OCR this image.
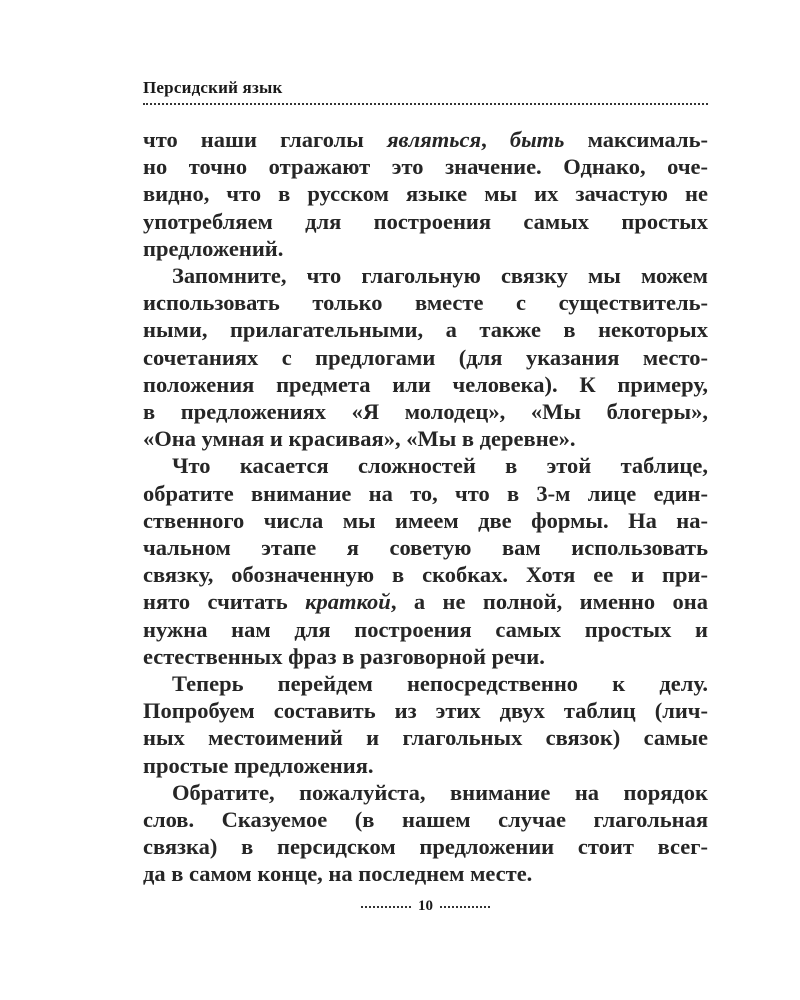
Персидский язык

что наши глаголы являться, быть максималь-
но точно отражают это значение. Однако, оче-
видно, что в русском языке мы их зачастую не
употребляем для построения самых простых
предложений.

Запомните, что глагольную связку мы можем
использовать только вместе с существитель-
ными, прилагательными, а также в некоторых
сочетаниях с предлогами (для указания место-
положения предмета или человека). К примеру,
в предложениях «Я молодец», «Мы блогеры»,
«Она умная и красивая», «Мы в деревне».

Что касается сложностей в этой таблице,
обратите внимание на то, что в 3-м лице един-
ственного числа мы имеем две формы. На на-
чальном этапе я советую вам использовать
связку, обозначенную в скобках. Хотя ее и при-
нято считать краткой, а не полной, именно она
нужна нам для построения самых простых и
естественных фраз в разговорной речи.

Теперь перейдем непосредственно к делу.
Попробуем составить из этих двух таблиц (лич-
ных местоимений и глагольных связок) самые
простые предложения.

Обратите, пожалуйста, внимание на порядок
слов. Сказуемое (в нашем случае глагольная
связка) в персидском предложении стоит всег-
да в самом конце, на последнем месте.

10
